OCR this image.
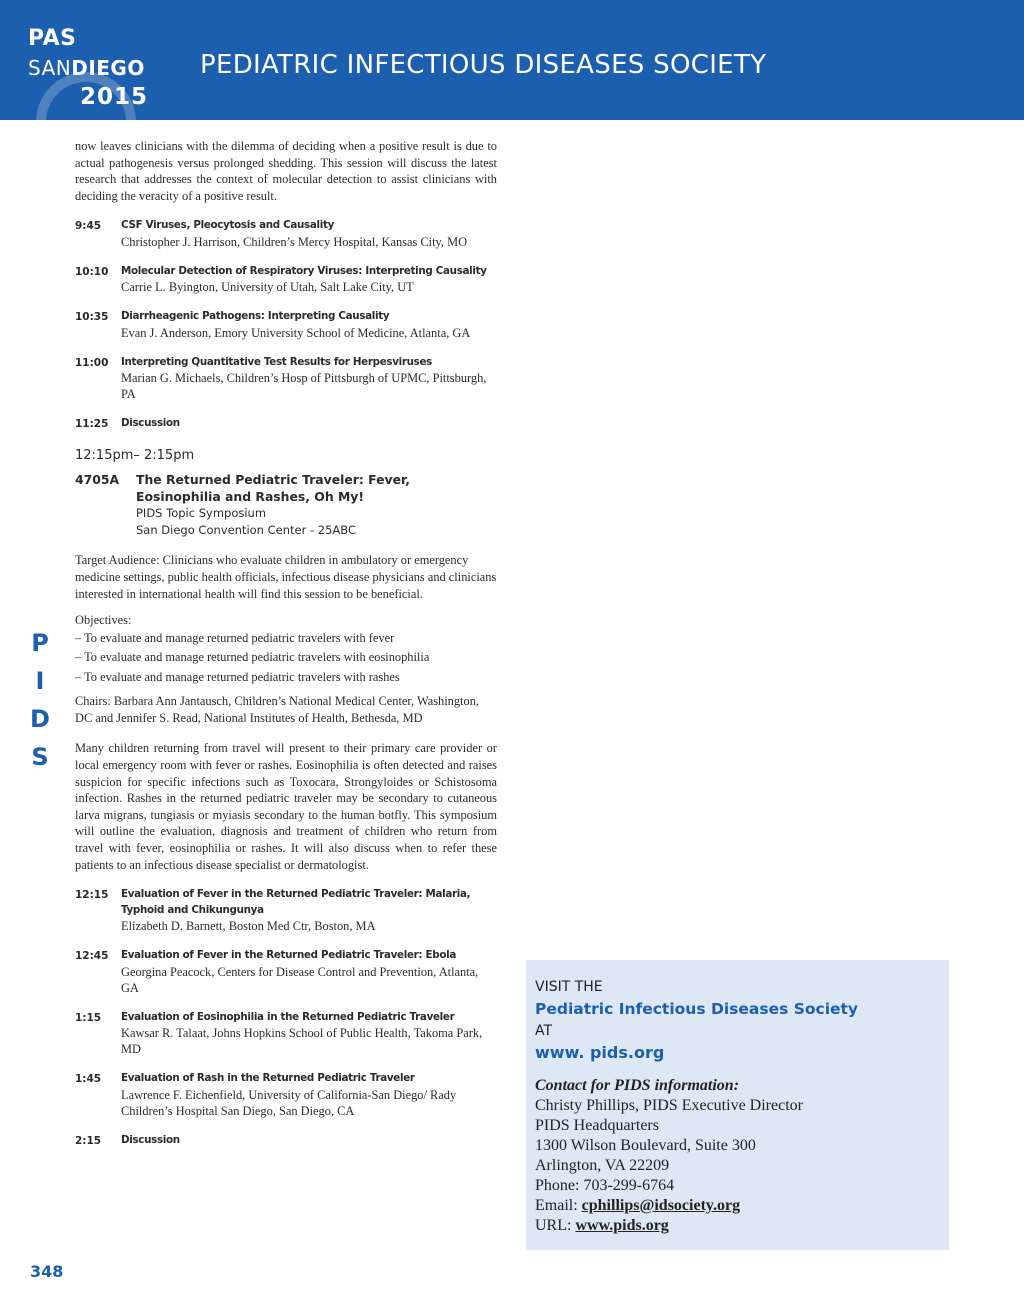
PAS
SANDIEGO
2015
PEDIATRIC INFECTIOUS DISEASES SOCIETY
P
I
D
S

now leaves clinicians with the dilemma of deciding when a positive result is due to actual pathogenesis versus prolonged shedding. This session will discuss the latest research that addresses the context of molecular detection to assist clinicians with deciding the veracity of a positive result.

9:45	CSF Viruses, Pleocytosis and Causality
Christopher J. Harrison, Children’s Mercy Hospital, Kansas City, MO
10:10	Molecular Detection of Respiratory Viruses: Interpreting Causality
Carrie L. Byington, University of Utah, Salt Lake City, UT
10:35	Diarrheagenic Pathogens: Interpreting Causality
Evan J. Anderson, Emory University School of Medicine, Atlanta, GA
11:00	Interpreting Quantitative Test Results for Herpesviruses
Marian G. Michaels, Children’s Hosp of Pittsburgh of UPMC, Pittsburgh, PA
11:25	Discussion
12:15pm– 2:15pm
4705A	The Returned Pediatric Traveler: Fever, Eosinophilia and Rashes, Oh My!
PIDS Topic Symposium
San Diego Convention Center - 25ABC

Target Audience: Clinicians who evaluate children in ambulatory or emergency medicine settings, public health officials, infectious disease physicians and clinicians interested in international health will find this session to be beneficial.

Objectives:

– To evaluate and manage returned pediatric travelers with fever
– To evaluate and manage returned pediatric travelers with eosinophilia
– To evaluate and manage returned pediatric travelers with rashes

Chairs: Barbara Ann Jantausch, Children’s National Medical Center, Washington, DC and Jennifer S. Read, National Institutes of Health, Bethesda, MD

Many children returning from travel will present to their primary care provider or local emergency room with fever or rashes. Eosinophilia is often detected and raises suspicion for specific infections such as Toxocara, Strongyloides or Schistosoma infection. Rashes in the returned pediatric traveler may be secondary to cutaneous larva migrans, tungiasis or myiasis secondary to the human botfly. This symposium will outline the evaluation, diagnosis and treatment of children who return from travel with fever, eosinophilia or rashes. It will also discuss when to refer these patients to an infectious disease specialist or dermatologist.

12:15	Evaluation of Fever in the Returned Pediatric Traveler: Malaria, Typhoid and Chikungunya
Elizabeth D. Barnett, Boston Med Ctr, Boston, MA
12:45	Evaluation of Fever in the Returned Pediatric Traveler: Ebola
Georgina Peacock, Centers for Disease Control and Prevention, Atlanta, GA
1:15	Evaluation of Eosinophilia in the Returned Pediatric Traveler
Kawsar R. Talaat, Johns Hopkins School of Public Health, Takoma Park, MD
1:45	Evaluation of Rash in the Returned Pediatric Traveler
Lawrence F. Eichenfield, University of California-San Diego/ Rady Children’s Hospital San Diego, San Diego, CA
2:15	Discussion
VISIT THE
Pediatric Infectious Diseases Society
AT
www. pids.org
Contact for PIDS information:
Christy Phillips, PIDS Executive Director
PIDS Headquarters
1300 Wilson Boulevard, Suite 300
Arlington, VA 22209
Phone: 703-299-6764
Email: cphillips@idsociety.org
URL: www.pids.org
348
